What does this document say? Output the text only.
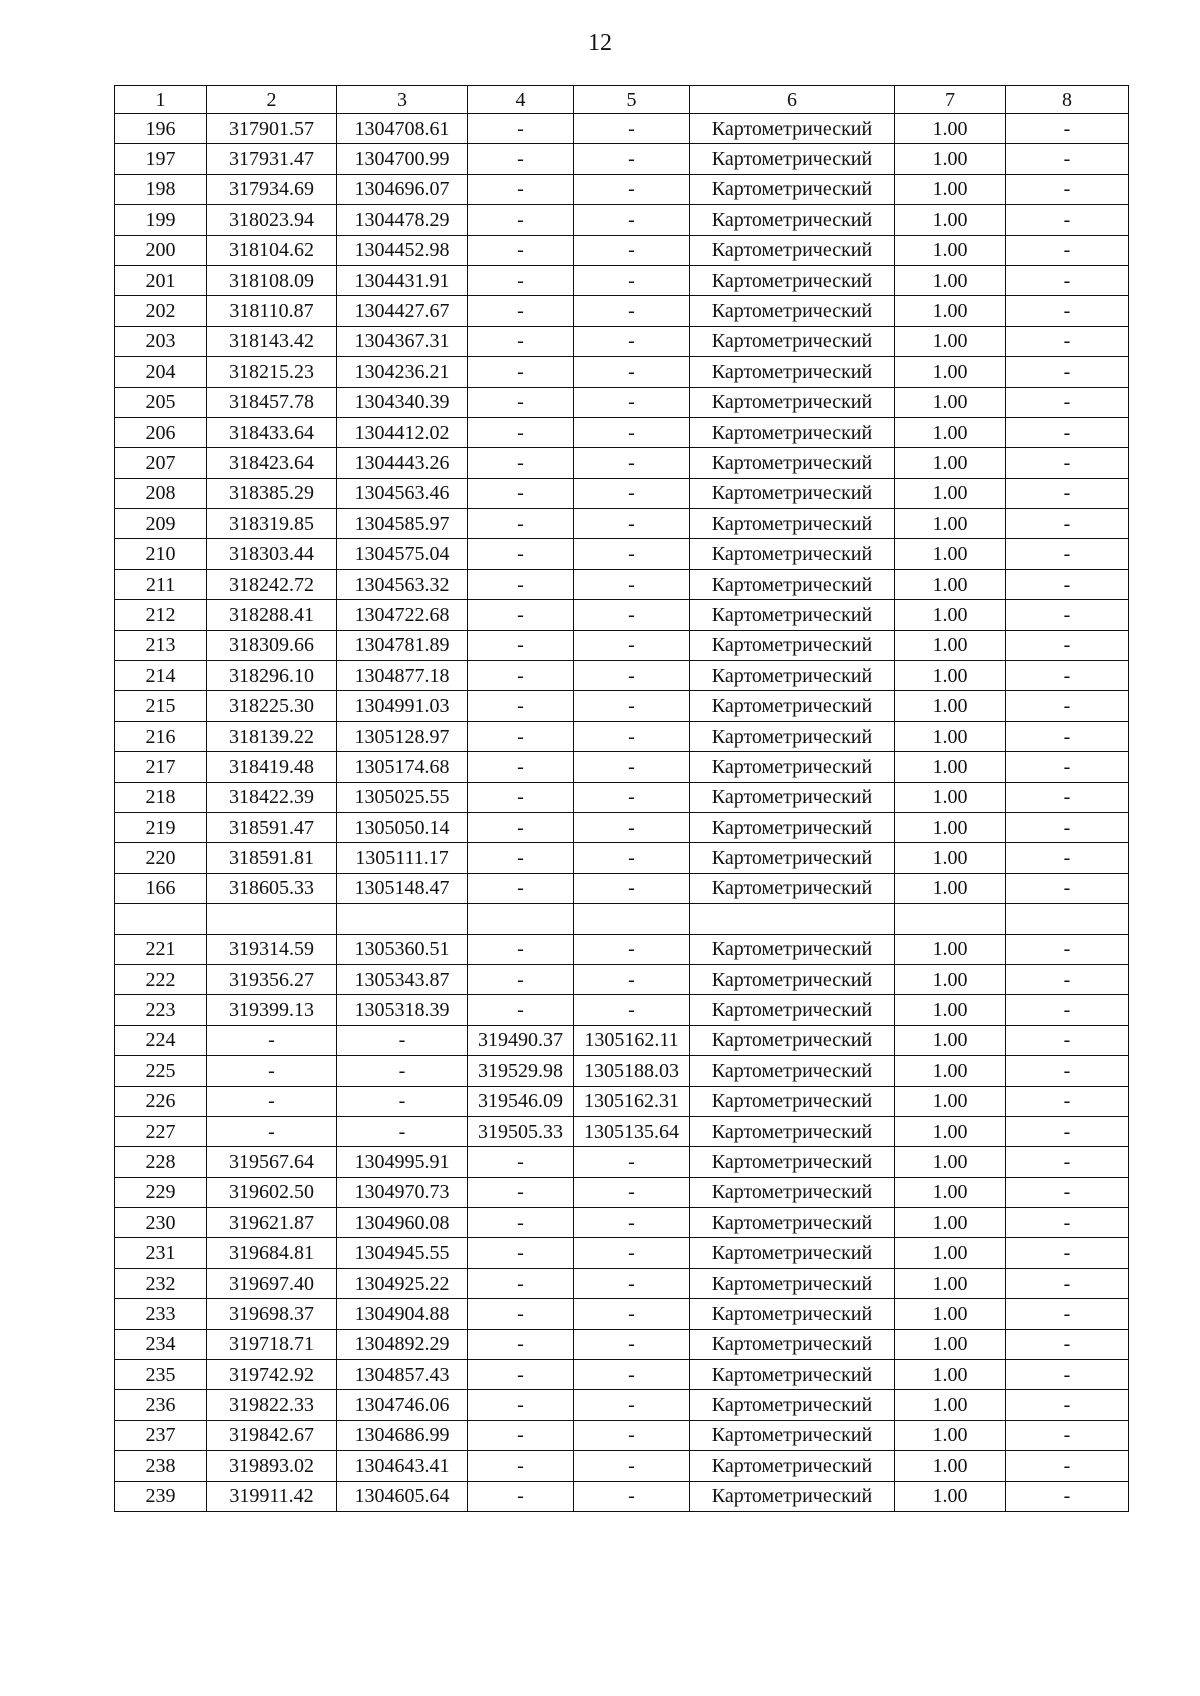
12
1	2	3	4	5	6	7	8
196	317901.57	1304708.61	-	-	Картометрический	1.00	-
197	317931.47	1304700.99	-	-	Картометрический	1.00	-
198	317934.69	1304696.07	-	-	Картометрический	1.00	-
199	318023.94	1304478.29	-	-	Картометрический	1.00	-
200	318104.62	1304452.98	-	-	Картометрический	1.00	-
201	318108.09	1304431.91	-	-	Картометрический	1.00	-
202	318110.87	1304427.67	-	-	Картометрический	1.00	-
203	318143.42	1304367.31	-	-	Картометрический	1.00	-
204	318215.23	1304236.21	-	-	Картометрический	1.00	-
205	318457.78	1304340.39	-	-	Картометрический	1.00	-
206	318433.64	1304412.02	-	-	Картометрический	1.00	-
207	318423.64	1304443.26	-	-	Картометрический	1.00	-
208	318385.29	1304563.46	-	-	Картометрический	1.00	-
209	318319.85	1304585.97	-	-	Картометрический	1.00	-
210	318303.44	1304575.04	-	-	Картометрический	1.00	-
211	318242.72	1304563.32	-	-	Картометрический	1.00	-
212	318288.41	1304722.68	-	-	Картометрический	1.00	-
213	318309.66	1304781.89	-	-	Картометрический	1.00	-
214	318296.10	1304877.18	-	-	Картометрический	1.00	-
215	318225.30	1304991.03	-	-	Картометрический	1.00	-
216	318139.22	1305128.97	-	-	Картометрический	1.00	-
217	318419.48	1305174.68	-	-	Картометрический	1.00	-
218	318422.39	1305025.55	-	-	Картометрический	1.00	-
219	318591.47	1305050.14	-	-	Картометрический	1.00	-
220	318591.81	1305111.17	-	-	Картометрический	1.00	-
166	318605.33	1305148.47	-	-	Картометрический	1.00	-

221	319314.59	1305360.51	-	-	Картометрический	1.00	-
222	319356.27	1305343.87	-	-	Картометрический	1.00	-
223	319399.13	1305318.39	-	-	Картометрический	1.00	-
224	-	-	319490.37	1305162.11	Картометрический	1.00	-
225	-	-	319529.98	1305188.03	Картометрический	1.00	-
226	-	-	319546.09	1305162.31	Картометрический	1.00	-
227	-	-	319505.33	1305135.64	Картометрический	1.00	-
228	319567.64	1304995.91	-	-	Картометрический	1.00	-
229	319602.50	1304970.73	-	-	Картометрический	1.00	-
230	319621.87	1304960.08	-	-	Картометрический	1.00	-
231	319684.81	1304945.55	-	-	Картометрический	1.00	-
232	319697.40	1304925.22	-	-	Картометрический	1.00	-
233	319698.37	1304904.88	-	-	Картометрический	1.00	-
234	319718.71	1304892.29	-	-	Картометрический	1.00	-
235	319742.92	1304857.43	-	-	Картометрический	1.00	-
236	319822.33	1304746.06	-	-	Картометрический	1.00	-
237	319842.67	1304686.99	-	-	Картометрический	1.00	-
238	319893.02	1304643.41	-	-	Картометрический	1.00	-
239	319911.42	1304605.64	-	-	Картометрический	1.00	-
